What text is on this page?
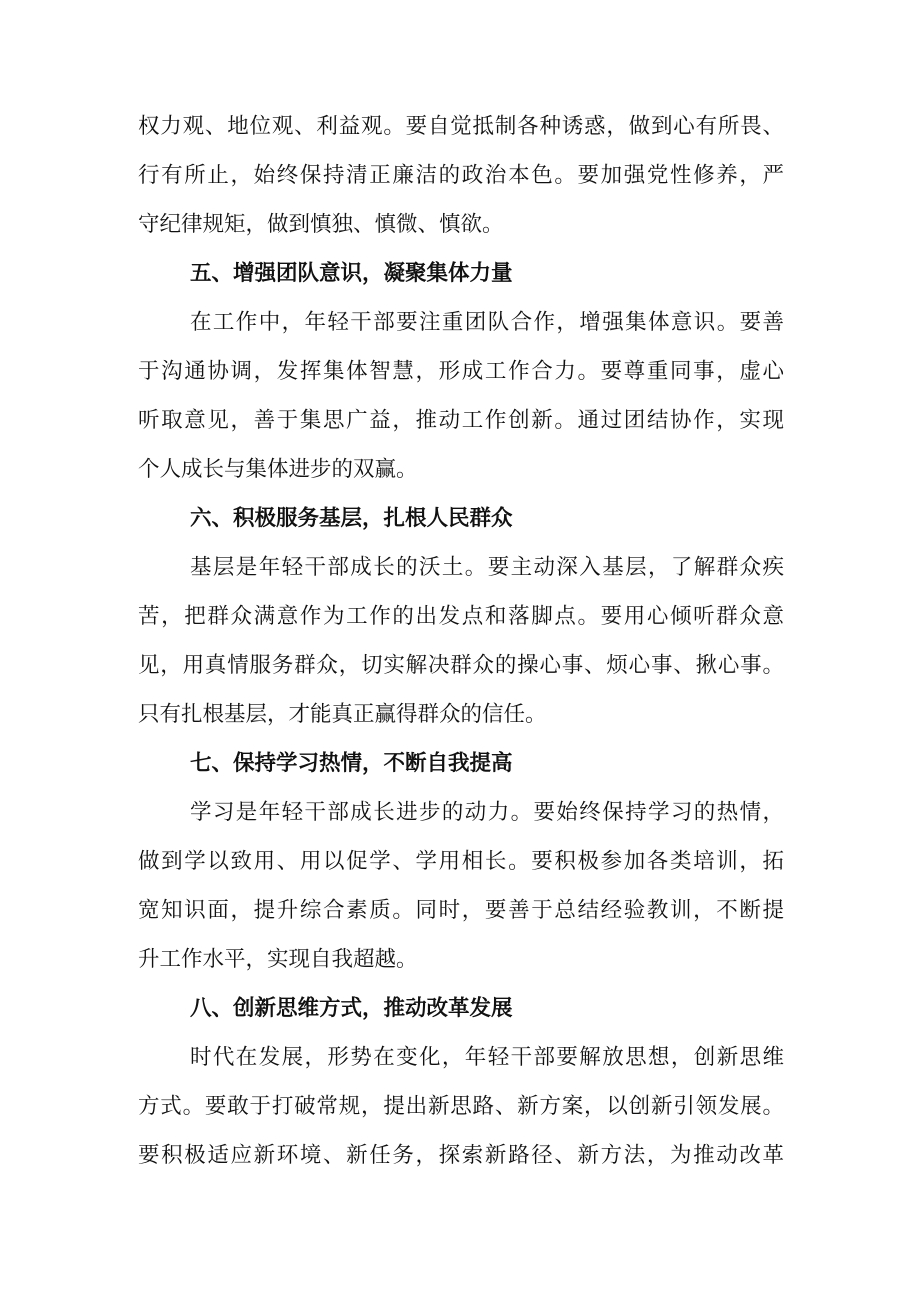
权力观、地位观、利益观。要自觉抵制各种诱惑，做到心有所畏、
行有所止，始终保持清正廉洁的政治本色。要加强党性修养，严
守纪律规矩，做到慎独、慎微、慎欲。
五、增强团队意识，凝聚集体力量
在工作中，年轻干部要注重团队合作，增强集体意识。要善
于沟通协调，发挥集体智慧，形成工作合力。要尊重同事，虚心
听取意见，善于集思广益，推动工作创新。通过团结协作，实现
个人成长与集体进步的双赢。
六、积极服务基层，扎根人民群众
基层是年轻干部成长的沃土。要主动深入基层，了解群众疾
苦，把群众满意作为工作的出发点和落脚点。要用心倾听群众意
见，用真情服务群众，切实解决群众的操心事、烦心事、揪心事。
只有扎根基层，才能真正赢得群众的信任。
七、保持学习热情，不断自我提高
学习是年轻干部成长进步的动力。要始终保持学习的热情，
做到学以致用、用以促学、学用相长。要积极参加各类培训，拓
宽知识面，提升综合素质。同时，要善于总结经验教训，不断提
升工作水平，实现自我超越。
八、创新思维方式，推动改革发展
时代在发展，形势在变化，年轻干部要解放思想，创新思维
方式。要敢于打破常规，提出新思路、新方案，以创新引领发展。
要积极适应新环境、新任务，探索新路径、新方法，为推动改革
